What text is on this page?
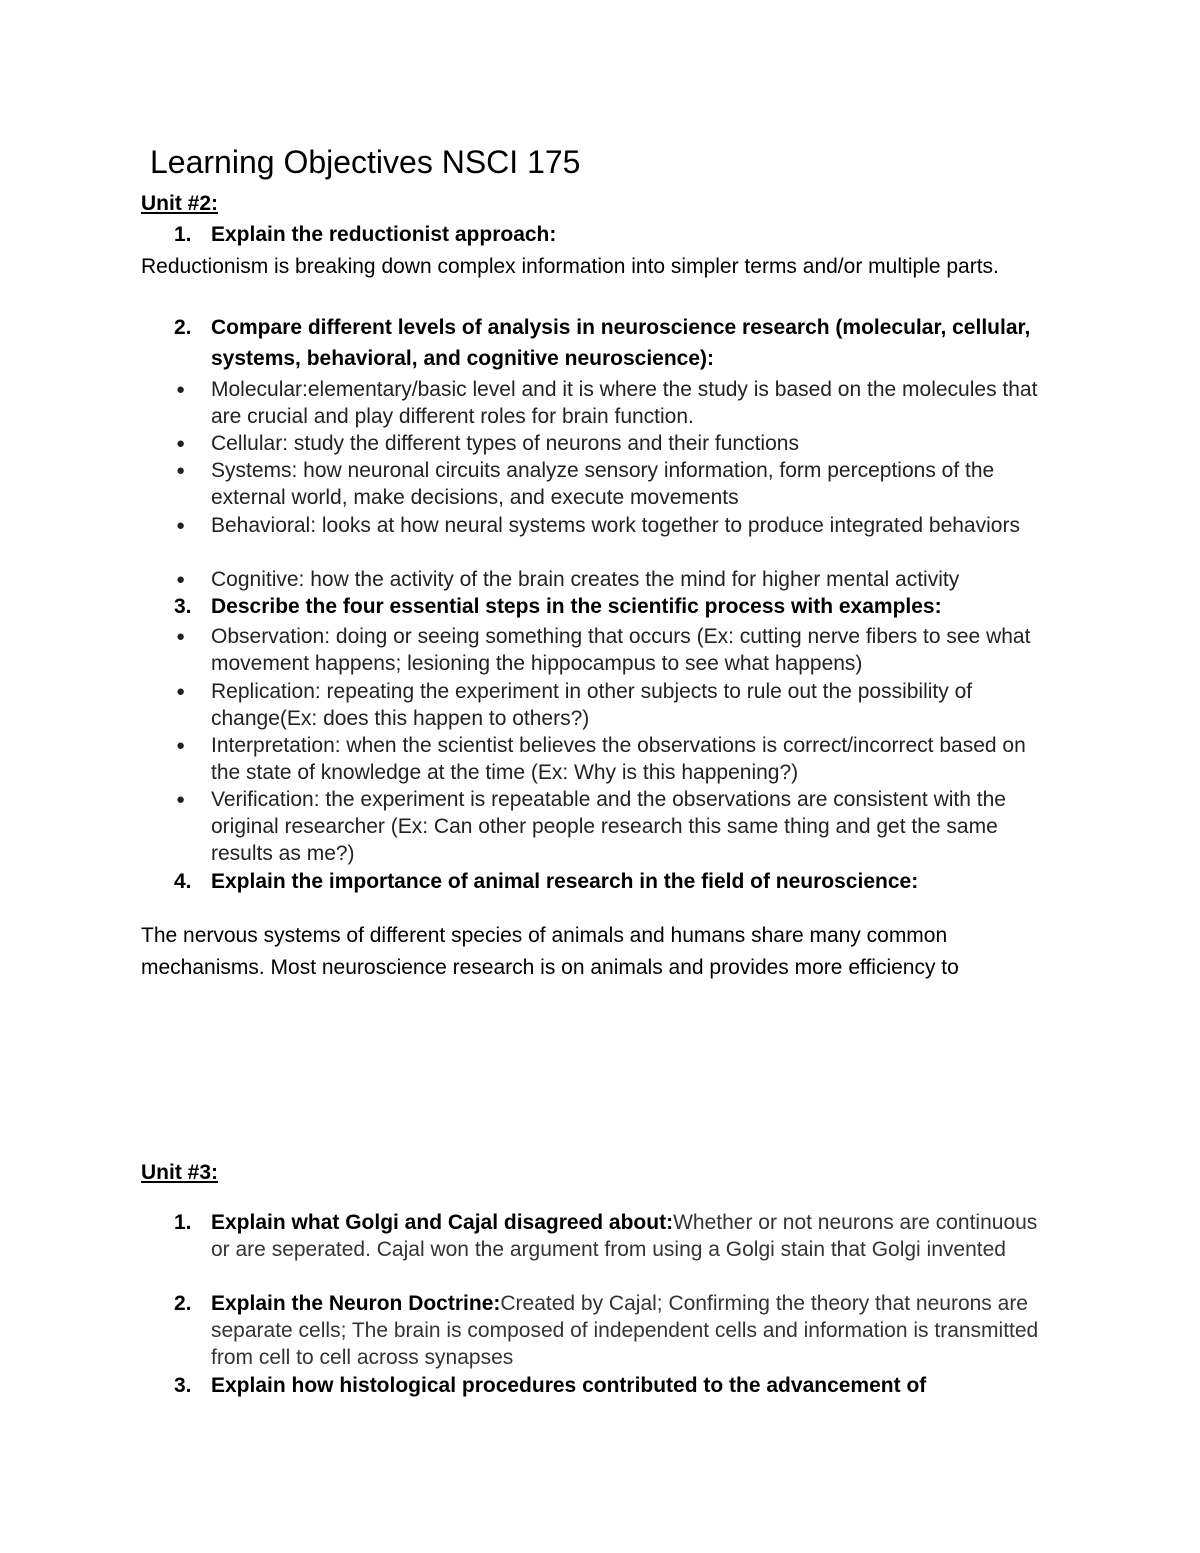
Learning Objectives NSCI 175
Unit #2:
1. Explain the reductionist approach:
Reductionism is breaking down complex information into simpler terms and/or multiple parts.
2. Compare different levels of analysis in neuroscience research (molecular, cellular, systems, behavioral, and cognitive neuroscience):
● Molecular:elementary/basic level and it is where the study is based on the molecules that are crucial and play different roles for brain function.
● Cellular: study the different types of neurons and their functions
● Systems: how neuronal circuits analyze sensory information, form perceptions of the external world, make decisions, and execute movements
● Behavioral: looks at how neural systems work together to produce integrated behaviors
● Cognitive: how the activity of the brain creates the mind for higher mental activity
3. Describe the four essential steps in the scientific process with examples:
● Observation: doing or seeing something that occurs (Ex: cutting nerve fibers to see what movement happens; lesioning the hippocampus to see what happens)
● Replication: repeating the experiment in other subjects to rule out the possibility of change(Ex: does this happen to others?)
● Interpretation: when the scientist believes the observations is correct/incorrect based on the state of knowledge at the time (Ex: Why is this happening?)
● Verification: the experiment is repeatable and the observations are consistent with the original researcher (Ex: Can other people research this same thing and get the same results as me?)
4. Explain the importance of animal research in the field of neuroscience:
The nervous systems of different species of animals and humans share many common mechanisms. Most neuroscience research is on animals and provides more efficiency to
Unit #3:
1. Explain what Golgi and Cajal disagreed about:Whether or not neurons are continuous or are seperated. Cajal won the argument from using a Golgi stain that Golgi invented
2. Explain the Neuron Doctrine:Created by Cajal; Confirming the theory that neurons are separate cells; The brain is composed of independent cells and information is transmitted from cell to cell across synapses
3. Explain how histological procedures contributed to the advancement of
